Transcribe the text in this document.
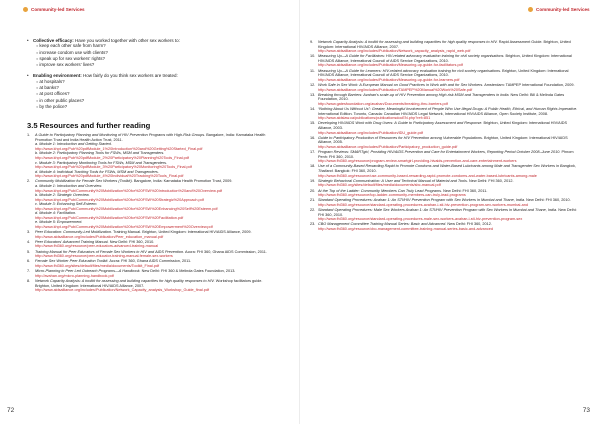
Community-led Services
• Collective efficacy: Have you worked together with other sex workers to:
○ keep each other safe from harm?
○ increase condom use with clients?
○ speak up for sex workers’ rights?
○ improve sex workers’ lives?
• Enabling environment: How fairly do you think sex workers are treated:
○ at hospitals?
○ at banks?
○ at post offices?
○ in other public places?
○ by the police?
3.5 Resources and further reading
1.	A Guide to Participatory Planning and Monitoring of HIV Prevention Programs with High-Risk Groups. Bangalore, India: Karnataka Health Promotion Trust and India Health Action Trust, 2011.
a. Module 1: Introduction and Getting Started.
http://www.khpt.org/Pub%20pdfModule_1%20Introduction%20and%20Getting%20Started_Final.pdf
b. Module 2: Participatory Planning Tools for FSWs, MSM and Transgenders.
http://www.khpt.org/Pub%20pdfModule_2%20Participatory%20Planning%20Tools_Final.pdf
c. Module 3: Participatory Monitoring Tools for FSWs, MSM and Transgenders.
http://www.khpt.org/Pub%20pdfModule_3%20Participatory%20Monitoring%20Tools_Final.pdf
d. Module 4: Individual Tracking Tools for FSWs, MSM and Transgenders.
http://www.khpt.org/Pub%20pdfModule_4%20Individual%20Tracking%20Tools_Final.pdf
2.	Community Mobilization for Female Sex Workers (Toolkit). Bangalore, India: Karnataka Health Promotion Trust, 2009.
a. Module 1: Introduction and Overview.
http://www.khpt.org/Pub/Community%20Mobilization%20for%20FSW%20Introduction%20and%20Overview.pdf
b. Module 2: Strategic Overview.
http://www.khpt.org/Pub/Community%20Mobilization%20for%20FSW%20Strategic%20Approach.pdf
c. Module 3: Enhancing Self-Esteem.
http://www.khpt.org/Pub/Community%20Mobilization%20for%20FSW%20Enhancing%20Self%20Esteem.pdf
d. Module 4: Facilitation.
http://www.khpt.org/Pub/Community%20Mobilization%20for%20FSW%20Facilitation.pdf
e. Module 5: Empowerment.
http://www.khpt.org/Pub/Community%20Mobilization%20for%20FSW%20Empowerment%20Overview.pdf
3.	Peer Education: Community-Led Mobilization. Training Manual. Brighton, United Kingdom: International HIV/AIDS Alliance, 2009.
http://www.aidsalliance.org/includes/Publication/Peer_education_manual.pdf
4.	Peer Educators’ Advanced Training Manual. New Delhi: FHI 360, 2010.
http://www.fhi360.org/resource/peer-educators-advanced-training-manual
5.	Training Manual for Peer Educators of Female Sex Workers in HIV and AIDS Prevention. Accra: FHI 360, Ghana AIDS Commission, 2011.
http://www.fhi360.org/resource/peer-educator-training-manual-female-sex-workers
6.	Female Sex Worker Peer Education Toolkit. Accra: FHI 360, Ghana AIDS Commission, 2011.
http://www.fhi360.org/sites/default/files/media/documents/Toolkit_Final.pdf
7.	Micro-Planning in Peer Led Outreach Programs—A Handbook. New Delhi: FHI 360 & Melinda Gates Foundation, 2013.
http://avahan.org/micro-planning-handbook.pdf
8.	Network Capacity Analysis: A toolkit for assessing and building capacities for high quality responses to HIV. Workshop facilitators guide. Brighton, United Kingdom: International HIV/AIDS Alliance, 2007.
http://www.aidsalliance.org/includes/Publication/Network_Capacity_analysis_Workshop_Guide_final.pdf
72
Community-led Services
9.	Network Capacity Analysis: A toolkit for assessing and building capacities for high quality responses to HIV. Rapid Assessment Guide. Brighton, United Kingdom: International HIV/AIDS Alliance, 2007.
http://www.aidsalliance.org/includes/Publication/Network_capacity_analysis_rapid_web.pdf
10. Measuring Up—A Guide for Facilitators: HIV-related advocacy evaluation training for civil society organisations. Brighton, United Kingdom: International HIV/AIDS Alliance, International Council of AIDS Service Organizations, 2010.
http://www.aidsalliance.org/includes/Publication/Measuring-up-guide-for-facilitators.pdf
11. Measuring Up—A Guide for Learners: HIV-related advocacy evaluation training for civil society organisations. Brighton, United Kingdom: International HIV/AIDS Alliance, International Council of AIDS Service Organizations, 2010.
http://www.aidsalliance.org/includes/Publication/Measuring-up-guide-for-learners.pdf
12. Work Safe in Sex Work: A European Manual on Good Practices in Work with and for Sex Workers. Amsterdam: TAMPEP International Foundation, 2009.
http://www.aidsalliance.org/includes/Publication/TAMPEP%20Manual%20Work%20Safe.pdf
13. Breaking through Barriers: Avahan’s scale-up of HIV Prevention among High-risk MSM and Transgenders in India. New Delhi: Bill & Melinda Gates Foundation, 2010.
http://www.gatesfoundation.org/avahan/Documents/breaking-thru-barriers.pdf
14. “Nothing About Us Without Us”: Greater, Meaningful Involvement of People Who Use Illegal Drugs: A Public Health, Ethical, and Human Rights Imperative. International Edition. Toronto, Canada: Canadian HIV/AIDS Legal Network, International HIV/AIDS Alliance, Open Society Institute, 2008.
http://www.aidslaw.ca/publications/publicationsdocEN.php?ref=851
15. Developing HIV/AIDS Work with Drug Users: A Guide to Participatory Assessment and Response. Brighton, United Kingdom: International HIV/AIDS Alliance, 2003.
http://www.aidsalliance.org/includes/Publication/IDU_guide.pdf
16. Guide to Participatory Production of Resources for HIV Prevention among Vulnerable Populations. Brighton, United Kingdom: International HIV/AIDS Alliance, 2005.
http://www.aidsalliance.org/includes/Publication/Participatory_production_guide.pdf
17. Program Reviews: SMARTgirl, Providing HIV/AIDS Prevention and Care for Entertainment Workers, Reporting Period October 2008–June 2010. Phnom Penh: FHI 360, 2010.
http://www.fhi360.org/resource/program-review-smartgirl-providing-hivaids-prevention-and-care-entertainment-workers
18. Use of a Community-Based Rewarding Rapid to Promote Condoms and Water-Based Lubricants among Male and Transgender Sex Workers in Bangkok, Thailand. Bangkok: FHI 360, 2010.
http://www.fhi360.org/resource/use-community-based-rewarding-rapid-promote-condoms-and-water-based-lubricants-among-male
19. Strategic Behavioral Communication: A User and Technical Manual of Material and Tools. New Delhi: FHI 360, 2012.
http://www.fhi360.org/sites/default/files/media/documents/sbc-manual.pdf
20. At the Top of the Ladder: Community Members Can Truly Lead Programs. New Delhi: FHI 360, 2011.
http://www.fhi360.org/resource/top-ladder-community-members-can-truly-lead-programs
21. Standard Operating Procedures: Avahan 1: An STI/HIV Prevention Program with Sex Workers in Mumbai and Thane, India. New Delhi: FHI 360, 2010.
http://www.fhi360.org/resource/standard-operating-procedures-avahan-i-sti-hiv-prevention-program-sex-workers-mumbai-and
22. Standard Operating Procedures: Male Sex Workers Avahan 1: An STI/HIV Prevention Program with Sex Workers in Mumbai and Thane, India. New Delhi: FHI 360, 2010.
http://www.fhi360.org/resource/standard-operating-procedures-male-sex-workers-avahan-i-sti-hiv-prevention-program-sex
23. CBO Management Committee Training Manual Series: Basic and Advanced. New Delhi: FHI 360, 2012.
http://www.fhi360.org/resource/cbo-management-committee-training-manual-series-basic-and-advanced
73
